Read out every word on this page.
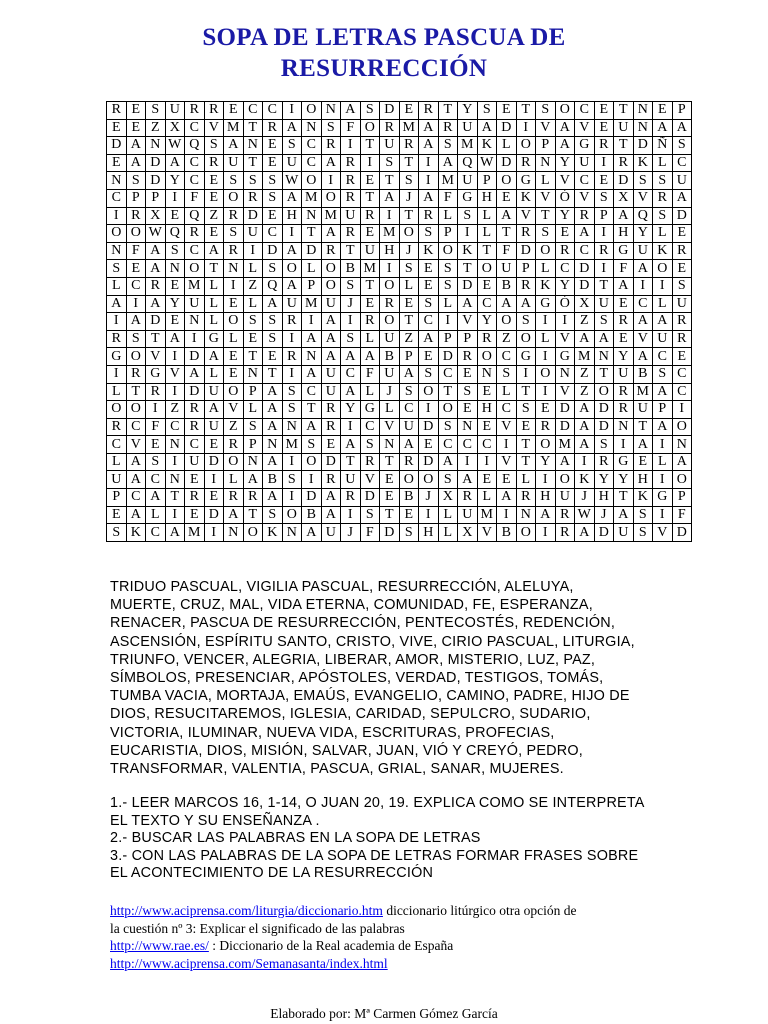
SOPA DE LETRAS PASCUA DE
RESURRECCIÓN
R	E	S	U	R	R	E	C	C	I	O	N	A	S	D	E	R	T	Y	S	E	T	S	O	C	E	T	N	E	P
E	E	Z	X	C	V	M	T	R	A	N	S	F	O	R	M	A	R	U	A	D	I	V	A	V	E	U	N	A	A
D	A	N	W	Q	S	A	N	E	S	C	R	I	T	U	R	A	S	M	K	L	O	P	A	G	R	T	D	Ñ	S
E	A	D	A	C	R	U	T	E	U	C	A	R	I	S	T	I	A	Q	W	D	R	N	Y	U	I	R	K	L	C
N	S	D	Y	C	E	S	S	S	W	O	I	R	E	T	S	I	M	U	P	O	G	L	V	C	E	D	S	S	U
C	P	P	I	F	E	O	R	S	A	M	O	R	T	A	J	A	F	G	H	E	K	V	Ó	V	S	X	V	R	A
I	R	X	E	Q	Z	R	D	E	H	N	M	U	R	I	T	R	L	S	L	A	V	T	Y	R	P	A	Q	S	D
O	O	W	Q	R	E	S	U	C	I	T	A	R	E	M	O	S	P	I	L	T	R	S	E	A	I	H	Y	L	E
N	F	A	S	C	A	R	I	D	A	D	R	T	U	H	J	K	O	K	T	F	D	O	R	C	R	G	U	K	R
S	E	A	N	O	T	N	L	S	O	L	O	B	M	I	S	E	S	T	O	U	P	L	C	D	I	F	A	O	E
L	C	R	E	M	L	I	Z	Q	A	P	O	S	T	O	L	E	S	D	E	B	R	K	Y	D	T	A	I	I	S
A	I	A	Y	U	L	E	L	A	U	M	U	J	E	R	E	S	L	A	C	A	A	G	Ó	X	U	E	C	L	U
I	A	D	E	N	L	O	S	S	R	I	A	I	R	O	T	C	I	V	Y	O	S	I	I	Z	S	R	A	A	R
R	S	T	A	I	G	L	E	S	I	A	A	S	L	U	Z	A	P	P	R	Z	O	L	V	A	A	E	V	U	R
G	O	V	I	D	A	E	T	E	R	N	A	A	A	B	P	E	D	R	O	C	G	I	G	M	N	Y	A	C	E
I	R	G	V	A	L	E	N	T	I	A	U	C	F	U	A	S	C	E	N	S	I	O	N	Z	T	U	B	S	C
L	T	R	I	D	U	O	P	A	S	C	U	A	L	J	S	O	T	S	E	L	T	I	V	Z	O	R	M	A	C
O	O	I	Z	R	A	V	L	A	S	T	R	Y	G	L	C	I	O	E	H	C	S	E	D	A	D	R	U	P	I
R	C	F	C	R	U	Z	S	A	N	A	R	I	C	V	U	D	S	N	E	V	E	R	D	A	D	N	T	A	O
C	V	E	N	C	E	R	P	N	M	S	E	A	S	N	A	E	C	C	C	I	T	O	M	A	S	I	A	I	N
L	A	S	I	U	D	O	N	A	I	O	D	T	R	T	R	D	A	I	I	V	T	Y	A	I	R	G	E	L	A
U	A	C	N	E	I	L	A	B	S	I	R	U	V	E	O	O	S	A	E	E	L	I	O	K	Y	Y	H	I	O
P	C	A	T	R	E	R	R	A	I	D	A	R	D	E	B	J	X	R	L	A	R	H	U	J	H	T	K	G	P
E	A	L	I	E	D	A	T	S	O	B	A	I	S	T	E	I	L	U	M	I	N	A	R	W	J	A	S	I	F
S	K	C	A	M	I	N	O	K	N	A	U	J	F	D	S	H	L	X	V	B	O	I	R	A	D	U	S	V	D
TRIDUO PASCUAL, VIGILIA PASCUAL, RESURRECCIÓN, ALELUYA,
MUERTE, CRUZ, MAL, VIDA ETERNA, COMUNIDAD, FE, ESPERANZA,
RENACER, PASCUA DE RESURRECCIÓN, PENTECOSTÉS, REDENCIÓN,
ASCENSIÓN, ESPÍRITU SANTO, CRISTO, VIVE, CIRIO PASCUAL, LITURGIA,
TRIUNFO, VENCER, ALEGRIA, LIBERAR, AMOR, MISTERIO, LUZ, PAZ,
SÍMBOLOS, PRESENCIAR, APÓSTOLES, VERDAD, TESTIGOS, TOMÁS,
TUMBA VACIA, MORTAJA, EMAÚS, EVANGELIO, CAMINO, PADRE, HIJO DE
DIOS, RESUCITAREMOS, IGLESIA, CARIDAD, SEPULCRO, SUDARIO,
VICTORIA, ILUMINAR, NUEVA VIDA, ESCRITURAS, PROFECIAS,
EUCARISTIA, DIOS, MISIÓN, SALVAR, JUAN, VIÓ Y CREYÓ, PEDRO,
TRANSFORMAR, VALENTIA, PASCUA, GRIAL, SANAR, MUJERES.
1.- LEER MARCOS 16, 1-14, O JUAN 20, 19. EXPLICA COMO SE INTERPRETA
EL TEXTO Y SU ENSEÑANZA .
2.- BUSCAR LAS PALABRAS EN LA SOPA DE LETRAS
3.- CON LAS PALABRAS DE LA SOPA DE LETRAS FORMAR FRASES SOBRE
EL ACONTECIMIENTO DE LA RESURRECCIÓN
http://www.aciprensa.com/liturgia/diccionario.htm diccionario litúrgico otra opción de
la cuestión nº 3: Explicar el significado de las palabras
http://www.rae.es/ : Diccionario de la Real academia de España
http://www.aciprensa.com/Semanasanta/index.html
Elaborado por: Mª Carmen Gómez García
